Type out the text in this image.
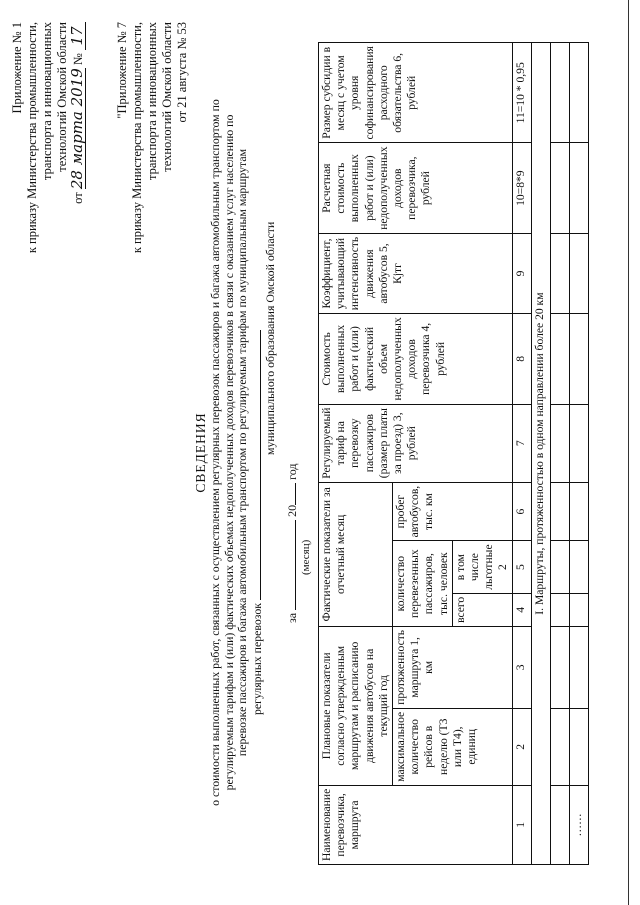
Приложение № 1 к приказу Министерства промышленности, транспорта и инновационных технологий Омской области
от 28 марта 2019 № 17 "Приложение № 7 к приказу Министерства промышленности, транспорта и инновационных технологий Омской области от 21 августа № 53
СВЕДЕНИЯ о стоимости выполненных работ, связанных с осуществлением регулярных перевозок пассажиров и багажа автомобильным транспортом по регулируемым тарифам и (или) фактических объемах недополученных доходов перевозчиков в связи с оказанием услуг населению по перевозке пассажиров и багажа автомобильным транспортом по регулируемым тарифам по муниципальным маршрутам регулярных перевозок
муниципального образования Омской области
за  20 год
(месяц)
Наименование перевозчика, маршрута	Плановые показатели согласно утвержденным маршрутам и расписанию движения автобусов на текущий год		Фактические показатели за отчетный месяц			Регулируемый тариф на перевозку пассажиров (размер платы за проезд) 3, рублей	Стоимость выполненных работ и (или) фактический объем недополученных доходов перевозчика 4, рублей	Коэффициент, учитывающий интенсивность движения автобусов 5, Кjтг	Расчетная стоимость выполненных работ и (или) недополученных доходов перевозчика, рублей	Размер субсидии в месяц с учетом уровня софинансирования расходного обязательства 6, рублей
	максимальное количество рейсов в неделю (Т3 или Т4), единиц	протяженность маршрута 1, км	количество перевезенных пассажиров, тыс. человек		пробег автобусов, тыс. км					
			всего	в том числе льготные 2						
1	2	3	4	5	6	7	8	9	10=8*9	11=10 * 0,95
I. Маршруты, протяженностью в одном направлении более 20 км										

……										
